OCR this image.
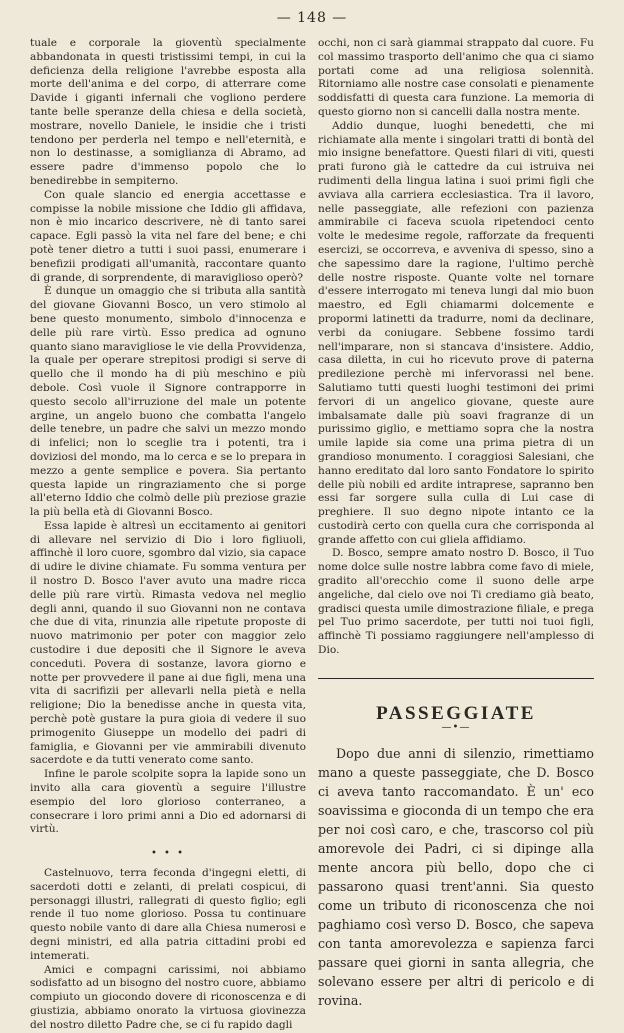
— 148 —

tuale e corporale la gioventù specialmente abbandonata in questi tristissimi tempi, in cui la deficienza della religione l'avrebbe esposta alla morte dell'anima e del corpo, di atterrare come Davide i giganti infernali che vogliono perdere tante belle speranze della chiesa e della società, mostrare, novello Daniele, le insidie che i tristi tendono per perderla nel tempo e nell'eternità, e non lo destinasse, a somiglianza di Abramo, ad essere padre d'immenso popolo che lo benedirebbe in sempiterno.

Con quale slancio ed energia accettasse e compisse la nobile missione che Iddio gli affidava, non è mio incarico descrivere, nè di tanto sarei capace. Egli passò la vita nel fare del bene; e chi potè tener dietro a tutti i suoi passi, enumerare i benefizii prodigati all'umanità, raccontare quanto di grande, di sorprendente, di maraviglioso operò?

È dunque un omaggio che si tributa alla santità del giovane Giovanni Bosco, un vero stimolo al bene questo monumento, simbolo d'innocenza e delle più rare virtù. Esso predica ad ognuno quanto siano maravigliose le vie della Provvidenza, la quale per operare strepitosi prodigi si serve di quello che il mondo ha di più meschino e più debole. Così vuole il Signore contrapporre in questo secolo all'irruzione del male un potente argine, un angelo buono che combatta l'angelo delle tenebre, un padre che salvi un mezzo mondo di infelici; non lo sceglie tra i potenti, tra i doviziosi del mondo, ma lo cerca e se lo prepara in mezzo a gente semplice e povera. Sia pertanto questa lapide un ringraziamento che si porge all'eterno Iddio che colmò delle più preziose grazie la più bella età di Giovanni Bosco.

Essa lapide è altresì un eccitamento ai genitori di allevare nel servizio di Dio i loro figliuoli, affinchè il loro cuore, sgombro dal vizio, sia capace di udire le divine chiamate. Fu somma ventura per il nostro D. Bosco l'aver avuto una madre ricca delle più rare virtù. Rimasta vedova nel meglio degli anni, quando il suo Giovanni non ne contava che due di vita, rinunzia alle ripetute proposte di nuovo matrimonio per poter con maggior zelo custodire i due depositi che il Signore le aveva conceduti. Povera di sostanze, lavora giorno e notte per provvedere il pane ai due figli, mena una vita di sacrifizii per allevarli nella pietà e nella religione; Dio la benedisse anche in questa vita, perchè potè gustare la pura gioia di vedere il suo primogenito Giuseppe un modello dei padri di famiglia, e Giovanni per vie ammirabili divenuto sacerdote e da tutti venerato come santo.

Infine le parole scolpite sopra la lapide sono un invito alla cara gioventù a seguire l'illustre esempio del loro glorioso conterraneo, a consecrare i loro primi anni a Dio ed adornarsi di virtù.

• • •

Castelnuovo, terra feconda d'ingegni eletti, di sacerdoti dotti e zelanti, di prelati cospicui, di personaggi illustri, rallegrati di questo figlio; egli rende il tuo nome glorioso. Possa tu continuare questo nobile vanto di dare alla Chiesa numerosi e degni ministri, ed alla patria cittadini probi ed intemerati.

Amici e compagni carissimi, noi abbiamo sodisfatto ad un bisogno del nostro cuore, abbiamo compiuto un giocondo dovere di riconoscenza e di giustizia, abbiamo onorato la virtuosa giovinezza del nostro diletto Padre che, se ci fu rapido dagli

occhi, non ci sarà giammai strappato dal cuore. Fu col massimo trasporto dell'animo che qua ci siamo portati come ad una religiosa solennità. Ritorniamo alle nostre case consolati e pienamente soddisfatti di questa cara funzione. La memoria di questo giorno non si cancelli dalla nostra mente.

Addio dunque, luoghi benedetti, che mi richiamate alla mente i singolari tratti di bontà del mio insigne benefattore. Questi filari di viti, questi prati furono già le cattedre da cui istruiva nei rudimenti della lingua latina i suoi primi figli che avviava alla carriera ecclesiastica. Tra il lavoro, nelle passeggiate, alle refezioni con pazienza ammirabile ci faceva scuola ripetendoci cento volte le medesime regole, rafforzate da frequenti esercizi, se occorreva, e avveniva di spesso, sino a che sapessimo dare la ragione, l'ultimo perchè delle nostre risposte. Quante volte nel tornare d'essere interrogato mi teneva lungi dal mio buon maestro, ed Egli chiamarmi dolcemente e propormi latinetti da tradurre, nomi da declinare, verbi da coniugare. Sebbene fossimo tardi nell'imparare, non si stancava d'insistere. Addio, casa diletta, in cui ho ricevuto prove di paterna predilezione perchè mi infervorassi nel bene. Salutiamo tutti questi luoghi testimoni dei primi fervori di un angelico giovane, queste aure imbalsamate dalle più soavi fragranze di un purissimo giglio, e mettiamo sopra che la nostra umile lapide sia come una prima pietra di un grandioso monumento. I coraggiosi Salesiani, che hanno ereditato dal loro santo Fondatore lo spirito delle più nobili ed ardite intraprese, sapranno ben essi far sorgere sulla culla di Lui case di preghiere. Il suo degno nipote intanto ce la custodirà certo con quella cura che corrisponda al grande affetto con cui gliela affidiamo.

D. Bosco, sempre amato nostro D. Bosco, il Tuo nome dolce sulle nostre labbra come favo di miele, gradito all'orecchio come il suono delle arpe angeliche, dal cielo ove noi Ti crediamo già beato, gradisci questa umile dimostrazione filiale, e prega pel Tuo primo sacerdote, per tutti noi tuoi figli, affinchè Ti possiamo raggiungere nell'amplesso di Dio.

PASSEGGIATE
—•—

Dopo due anni di silenzio, rimettiamo mano a queste passeggiate, che D. Bosco ci aveva tanto raccomandato. È un' eco soavissima e gioconda di un tempo che era per noi così caro, e che, trascorso col più amorevole dei Padri, ci si dipinge alla mente ancora più bello, dopo che ci passarono quasi trent'anni. Sia questo come un tributo di riconoscenza che noi paghiamo così verso D. Bosco, che sapeva con tanta amorevolezza e sapienza farci passare quei giorni in santa allegria, che solevano essere per altri di pericolo e di rovina.
